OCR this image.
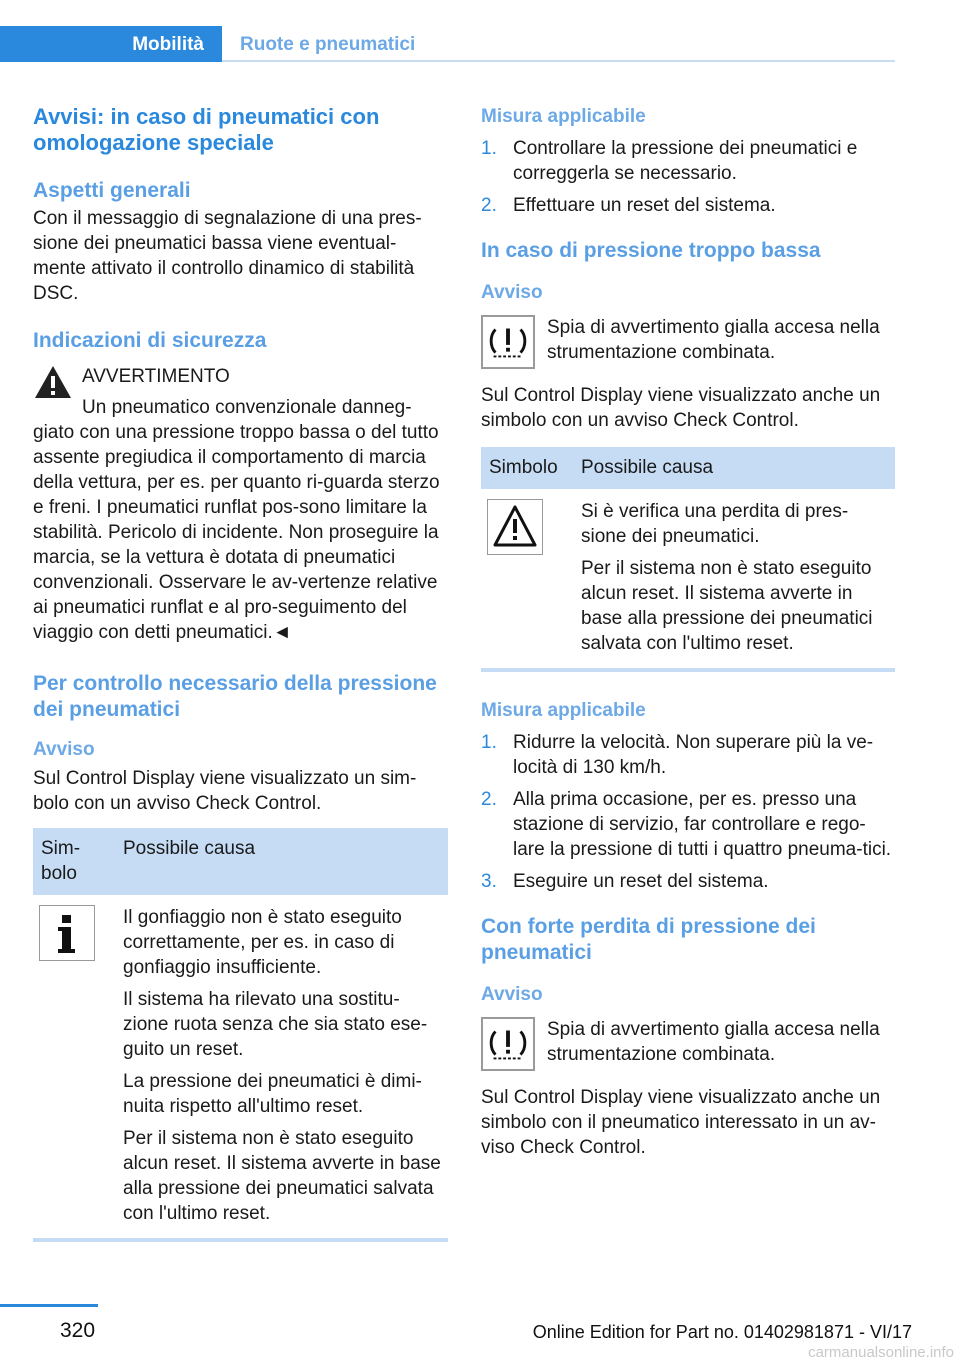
Mobilità	Ruote e pneumatici
Avvisi: in caso di pneumatici con omologazione speciale
Aspetti generali

Con il messaggio di segnalazione di una pres-sione dei pneumatici bassa viene eventual-mente attivato il controllo dinamico di stabilità DSC.

Indicazioni di sicurezza
AVVERTIMENTO
Un pneumatico convenzionale danneg-
giato con una pressione troppo bassa o del tutto assente pregiudica il comportamento di marcia della vettura, per es. per quanto ri-guarda sterzo e freni. I pneumatici runflat pos-sono limitare la stabilità. Pericolo di incidente. Non proseguire la marcia, se la vettura è dotata di pneumatici convenzionali. Osservare le av-vertenze relative ai pneumatici runflat e al pro-seguimento del viaggio con detti pneumatici.◄
Per controllo necessario della pressione dei pneumatici
Avviso

Sul Control Display viene visualizzato un sim-bolo con un avviso Check Control.

Sim-bolo	Possibile causa

Il gonfiaggio non è stato eseguito correttamente, per es. in caso di gonfiaggio insufficiente.

Il sistema ha rilevato una sostitu-zione ruota senza che sia stato ese-guito un reset.

La pressione dei pneumatici è dimi-nuita rispetto all'ultimo reset.

Per il sistema non è stato eseguito alcun reset. Il sistema avverte in base alla pressione dei pneumatici salvata con l'ultimo reset.

Misura applicabile
1. Controllare la pressione dei pneumatici e correggerla se necessario.
2. Effettuare un reset del sistema.
In caso di pressione troppo bassa
Avviso

Spia di avvertimento gialla accesa nella strumentazione combinata.

Sul Control Display viene visualizzato anche un simbolo con un avviso Check Control.

Simbolo	Possibile causa

Si è verifica una perdita di pres-sione dei pneumatici.

Per il sistema non è stato eseguito alcun reset. Il sistema avverte in base alla pressione dei pneumatici salvata con l'ultimo reset.

Misura applicabile
1. Ridurre la velocità. Non superare più la ve-locità di 130 km/h.
2. Alla prima occasione, per es. presso una stazione di servizio, far controllare e rego-lare la pressione di tutti i quattro pneuma-tici.
3. Eseguire un reset del sistema.
Con forte perdita di pressione dei pneumatici
Avviso

Spia di avvertimento gialla accesa nella strumentazione combinata.

Sul Control Display viene visualizzato anche un simbolo con il pneumatico interessato in un av-viso Check Control.

320	Online Edition for Part no. 01402981871 - VI/17
carmanualsonline.info
